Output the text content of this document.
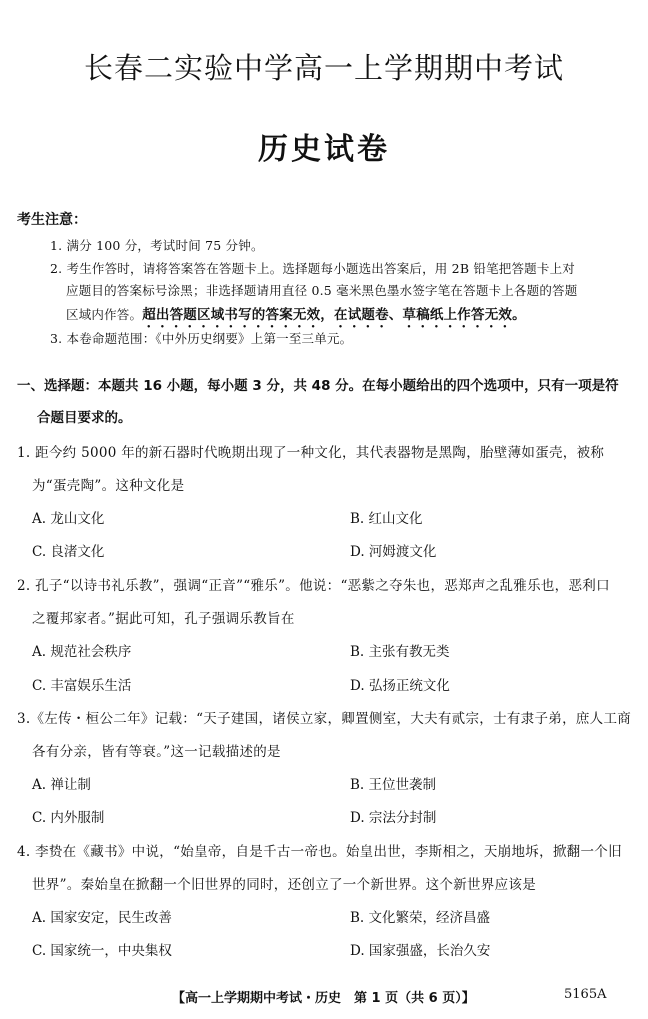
长春二实验中学高一上学期期中考试
历史试卷
考生注意：
1. 满分 100 分，考试时间 75 分钟。
2. 考生作答时，请将答案答在答题卡上。选择题每小题选出答案后，用 2B 铅笔把答题卡上对
应题目的答案标号涂黑；非选择题请用直径 0.5 毫米黑色墨水签字笔在答题卡上各题的答题
区域内作答。超出答题区域书写的答案无效，在试题卷、草稿纸上作答无效。
3. 本卷命题范围：《中外历史纲要》上第一至三单元。
一、选择题：本题共 16 小题，每小题 3 分，共 48 分。在每小题给出的四个选项中，只有一项是符
合题目要求的。
1. 距今约 5000 年的新石器时代晚期出现了一种文化，其代表器物是黑陶，胎壁薄如蛋壳，被称
为“蛋壳陶”。这种文化是
A. 龙山文化	B. 红山文化
C. 良渚文化	D. 河姆渡文化
2. 孔子“以诗书礼乐教”，强调“正音”“雅乐”。他说：“恶紫之夺朱也，恶郑声之乱雅乐也，恶利口
之覆邦家者。”据此可知，孔子强调乐教旨在
A. 规范社会秩序	B. 主张有教无类
C. 丰富娱乐生活	D. 弘扬正统文化
3.《左传・桓公二年》记载：“天子建国，诸侯立家，卿置侧室，大夫有贰宗，士有隶子弟，庶人工商
各有分亲，皆有等衰。”这一记载描述的是
A. 禅让制	B. 王位世袭制
C. 内外服制	D. 宗法分封制
4. 李贽在《藏书》中说，“始皇帝，自是千古一帝也。始皇出世，李斯相之，天崩地坼，掀翻一个旧
世界”。秦始皇在掀翻一个旧世界的同时，还创立了一个新世界。这个新世界应该是
A. 国家安定，民生改善	B. 文化繁荣，经济昌盛
C. 国家统一，中央集权	D. 国家强盛，长治久安
【高一上学期期中考试・历史　第 1 页（共 6 页）】	5165A
